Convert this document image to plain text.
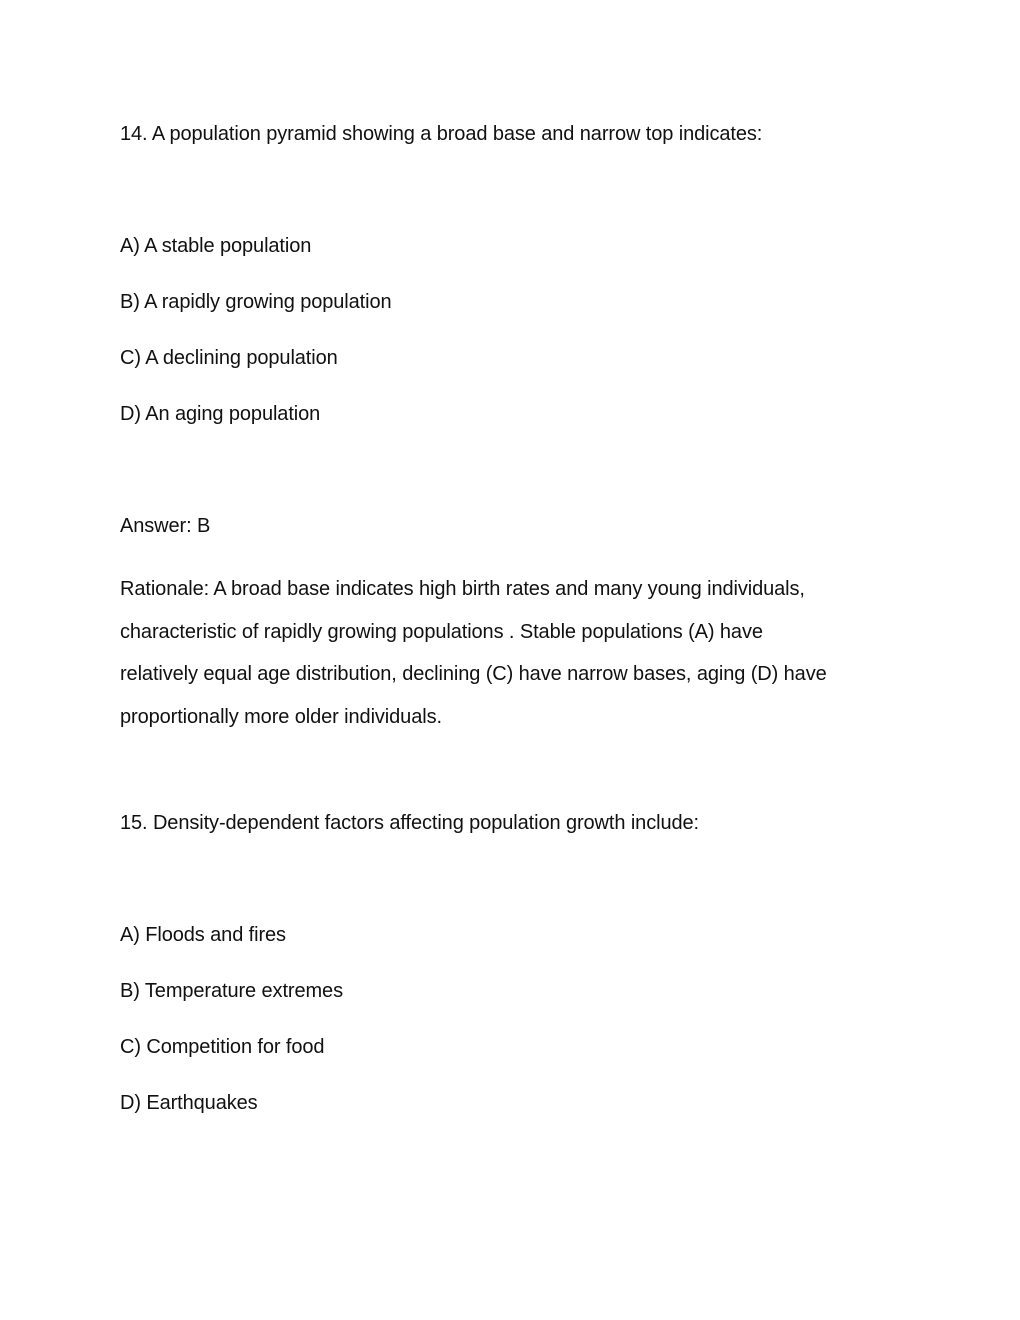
14. A population pyramid showing a broad base and narrow top indicates:
A) A stable population
B) A rapidly growing population
C) A declining population
D) An aging population
Answer: B
Rationale: A broad base indicates high birth rates and many young individuals,
characteristic of rapidly growing populations . Stable populations (A) have
relatively equal age distribution, declining (C) have narrow bases, aging (D) have
proportionally more older individuals.
15. Density-dependent factors affecting population growth include:
A) Floods and fires
B) Temperature extremes
C) Competition for food
D) Earthquakes
